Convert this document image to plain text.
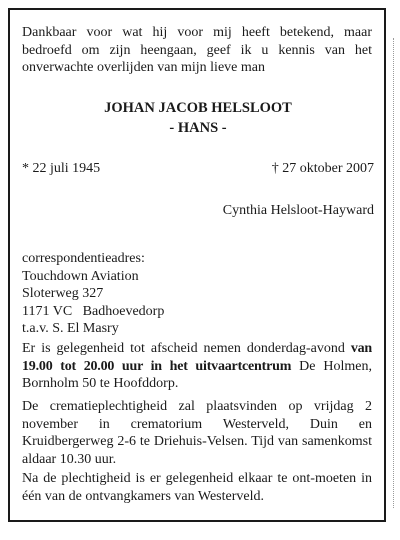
Dankbaar voor wat hij voor mij heeft betekend, maar bedroefd om zijn heengaan, geef ik u kennis van het onverwachte overlijden van mijn lieve man
JOHAN JACOB HELSLOOT
- HANS -
* 22 juli 1945	† 27 oktober 2007
Cynthia Helsloot-Hayward
correspondentieadres:
Touchdown Aviation
Sloterweg 327
1171 VC   Badhoevedorp
t.a.v. S. El Masry
Er is gelegenheid tot afscheid nemen donderdag-avond van 19.00 tot 20.00 uur in het uitvaartcentrum De Holmen, Bornholm 50 te Hoofddorp.
De crematieplechtigheid zal plaatsvinden op vrijdag 2 november in crematorium Westerveld, Duin en Kruidbergerweg 2-6 te Driehuis-Velsen. Tijd van samenkomst aldaar 10.30 uur.
Na de plechtigheid is er gelegenheid elkaar te ont-moeten in één van de ontvangkamers van Westerveld.
